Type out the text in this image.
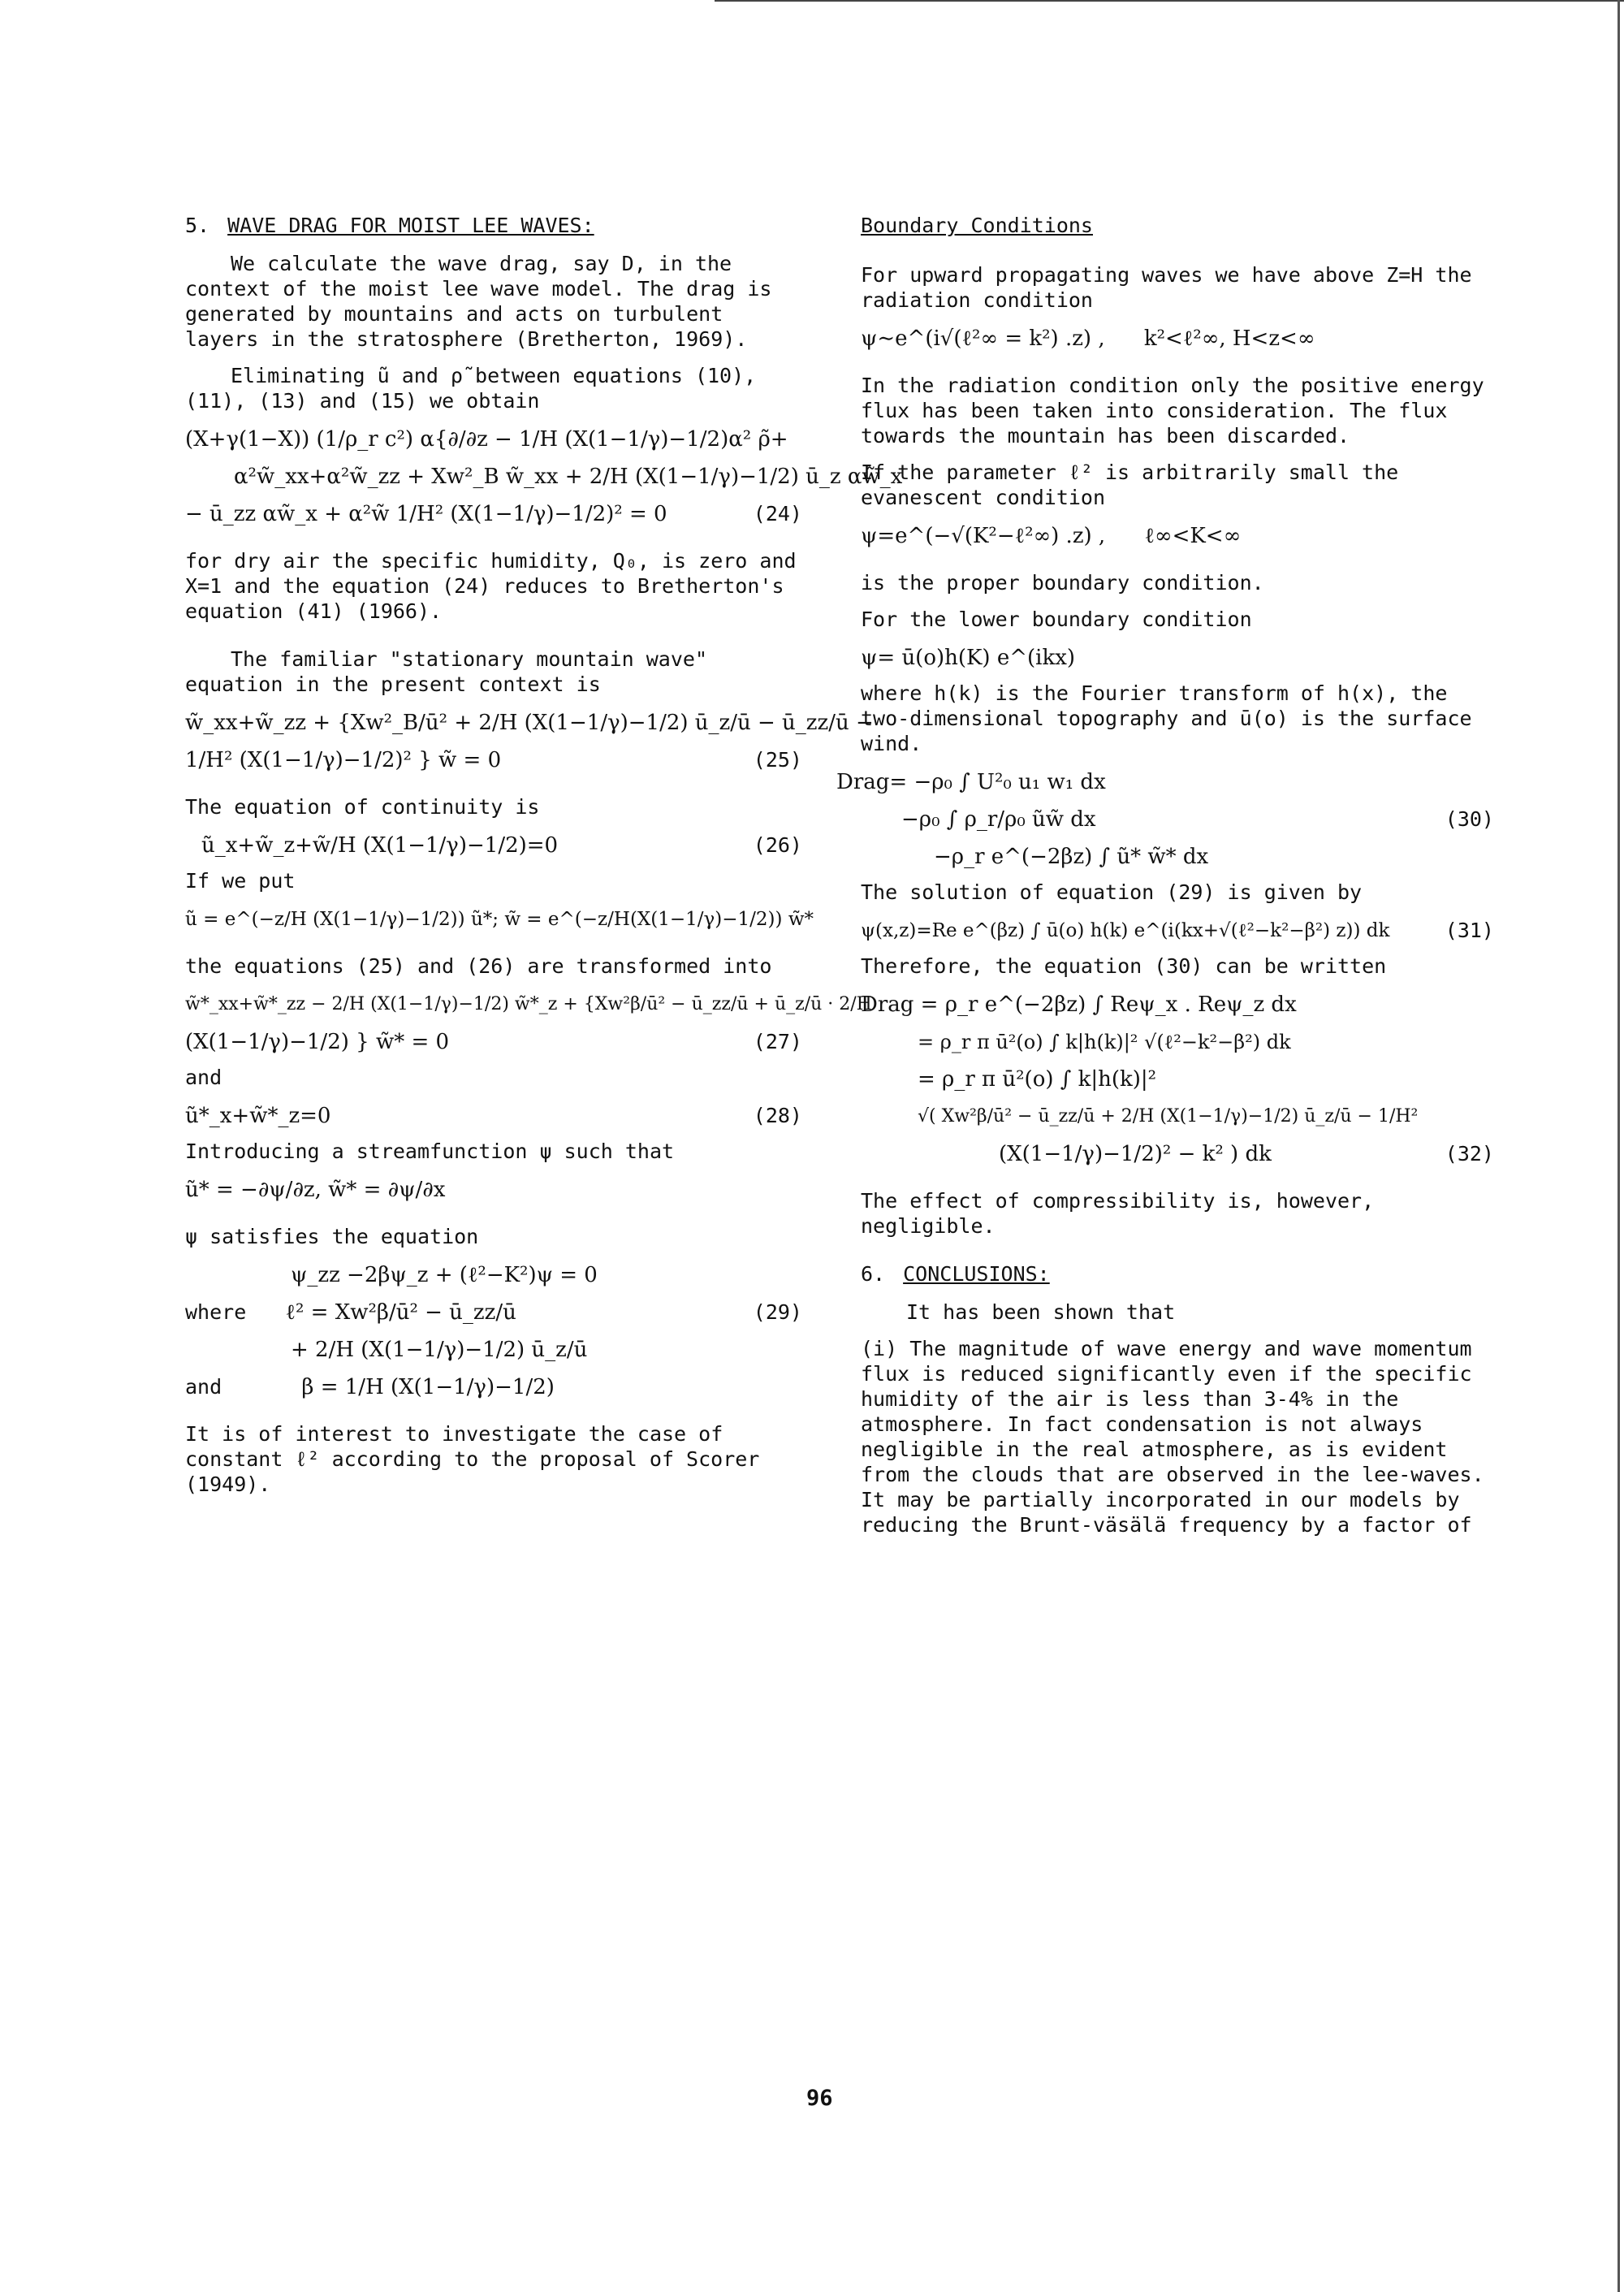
5. WAVE DRAG FOR MOIST LEE WAVES:

We calculate the wave drag, say D, in the context of the moist lee wave model. The drag is generated by mountains and acts on turbulent layers in the stratosphere (Bretherton, 1969).

Eliminating ũ and ρ̃ between equations (10), (11), (13) and (15) we obtain

(X+γ(1−X)) (1/ρ_r c²) α{∂/∂z − 1/H (X(1−1/γ)−1/2)α² ρ̃+
α²w̃_xx+α²w̃_zz + Xw²_B w̃_xx + 2/H (X(1−1/γ)−1/2) ū_z αw̃_x
− ū_zz αw̃_x + α²w̃ 1/H² (X(1−1/γ)−1/2)² = 0	(24)

for dry air the specific humidity, Q₀, is zero and X=1 and the equation (24) reduces to Bretherton's equation (41) (1966).

The familiar "stationary mountain wave" equation in the present context is

w̃_xx+w̃_zz + {Xw²_B/ū² + 2/H (X(1−1/γ)−1/2) ū_z/ū − ū_zz/ū −
1/H² (X(1−1/γ)−1/2)² } w̃ = 0	(25)

The equation of continuity is

ũ_x+w̃_z+w̃/H (X(1−1/γ)−1/2)=0	(26)

If we put

ũ = e^(−z/H (X(1−1/γ)−1/2)) ũ*; w̃ = e^(−z/H(X(1−1/γ)−1/2)) w̃*

the equations (25) and (26) are transformed into

w̃*_xx+w̃*_zz − 2/H (X(1−1/γ)−1/2) w̃*_z + {Xw²β/ū² − ū_zz/ū + ū_z/ū · 2/H
(X(1−1/γ)−1/2) } w̃* = 0	(27)

and

ũ*_x+w̃*_z=0	(28)

Introducing a streamfunction ψ such that

ũ* = −∂ψ/∂z, w̃* = ∂ψ/∂x

ψ satisfies the equation

ψ_zz −2βψ_z + (ℓ²−K²)ψ = 0
where ℓ² = Xw²β/ū² − ū_zz/ū	(29)
+ 2/H (X(1−1/γ)−1/2) ū_z/ū
and	β = 1/H (X(1−1/γ)−1/2)

It is of interest to investigate the case of constant ℓ² according to the proposal of Scorer (1949).

Boundary Conditions

For upward propagating waves we have above Z=H the radiation condition

ψ∼e^(i√(ℓ²∞ = k²) .z) , k²<ℓ²∞, H<z<∞

In the radiation condition only the positive energy flux has been taken into consideration. The flux towards the mountain has been discarded.

If the parameter ℓ² is arbitrarily small the evanescent condition

ψ=e^(−√(K²−ℓ²∞) .z) , ℓ∞<K<∞

is the proper boundary condition.

For the lower boundary condition

ψ= ū(o)h(K) e^(ikx)

where h(k) is the Fourier transform of h(x), the two-dimensional topography and ū(o) is the surface wind.

Drag= −ρ₀ ∫ U²₀ u₁ w₁ dx
−ρ₀ ∫ ρ_r/ρ₀ ũw̃ dx	(30)
−ρ_r e^(−2βz) ∫ ũ* w̃* dx

The solution of equation (29) is given by

ψ(x,z)=Re e^(βz) ∫ ū(o) h(k) e^(i(kx+√(ℓ²−k²−β²) z)) dk	(31)

Therefore, the equation (30) can be written

Drag = ρ_r e^(−2βz) ∫ Reψ_x . Reψ_z dx
= ρ_r π ū²(o) ∫ k|h(k)|² √(ℓ²−k²−β²) dk
= ρ_r π ū²(o) ∫ k|h(k)|²
√( Xw²β/ū² − ū_zz/ū + 2/H (X(1−1/γ)−1/2) ū_z/ū − 1/H²
(X(1−1/γ)−1/2)² − k² ) dk	(32)

The effect of compressibility is, however, negligible.

6. CONCLUSIONS:

It has been shown that

(i) The magnitude of wave energy and wave momentum flux is reduced significantly even if the specific humidity of the air is less than 3-4% in the atmosphere. In fact condensation is not always negligible in the real atmosphere, as is evident from the clouds that are observed in the lee-waves. It may be partially incorporated in our models by reducing the Brunt-väsälä frequency by a factor of

96
